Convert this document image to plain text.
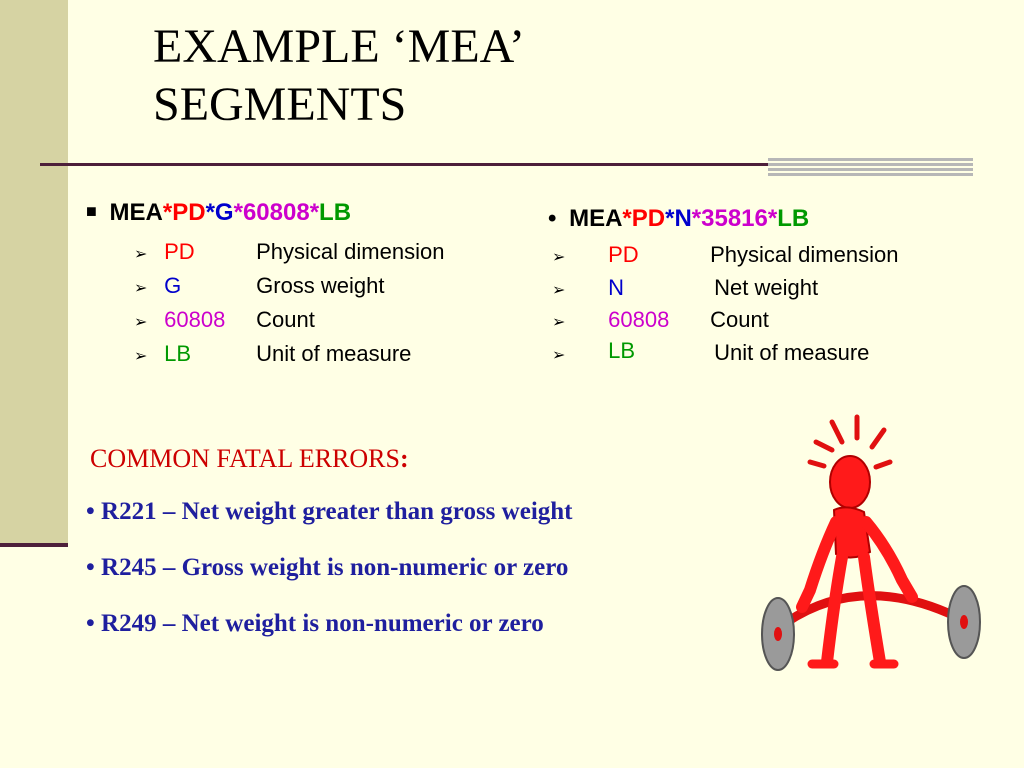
EXAMPLE ‘MEA’
SEGMENTS
■ MEA*PD*G*60808*LB
➢ PD	Physical dimension
➢ G	Gross weight
➢ 60808 Count
➢ LB	Unit of measure
• MEA*PD*N*35816*LB
➢ PD	Physical dimension
➢ N	Net weight
➢ 60808 Count
➢ LB	Unit of measure
COMMON FATAL ERRORS:
• R221 – Net weight greater than gross weight
• R245 – Gross weight is non-numeric or zero
• R249 – Net weight is non-numeric or zero
